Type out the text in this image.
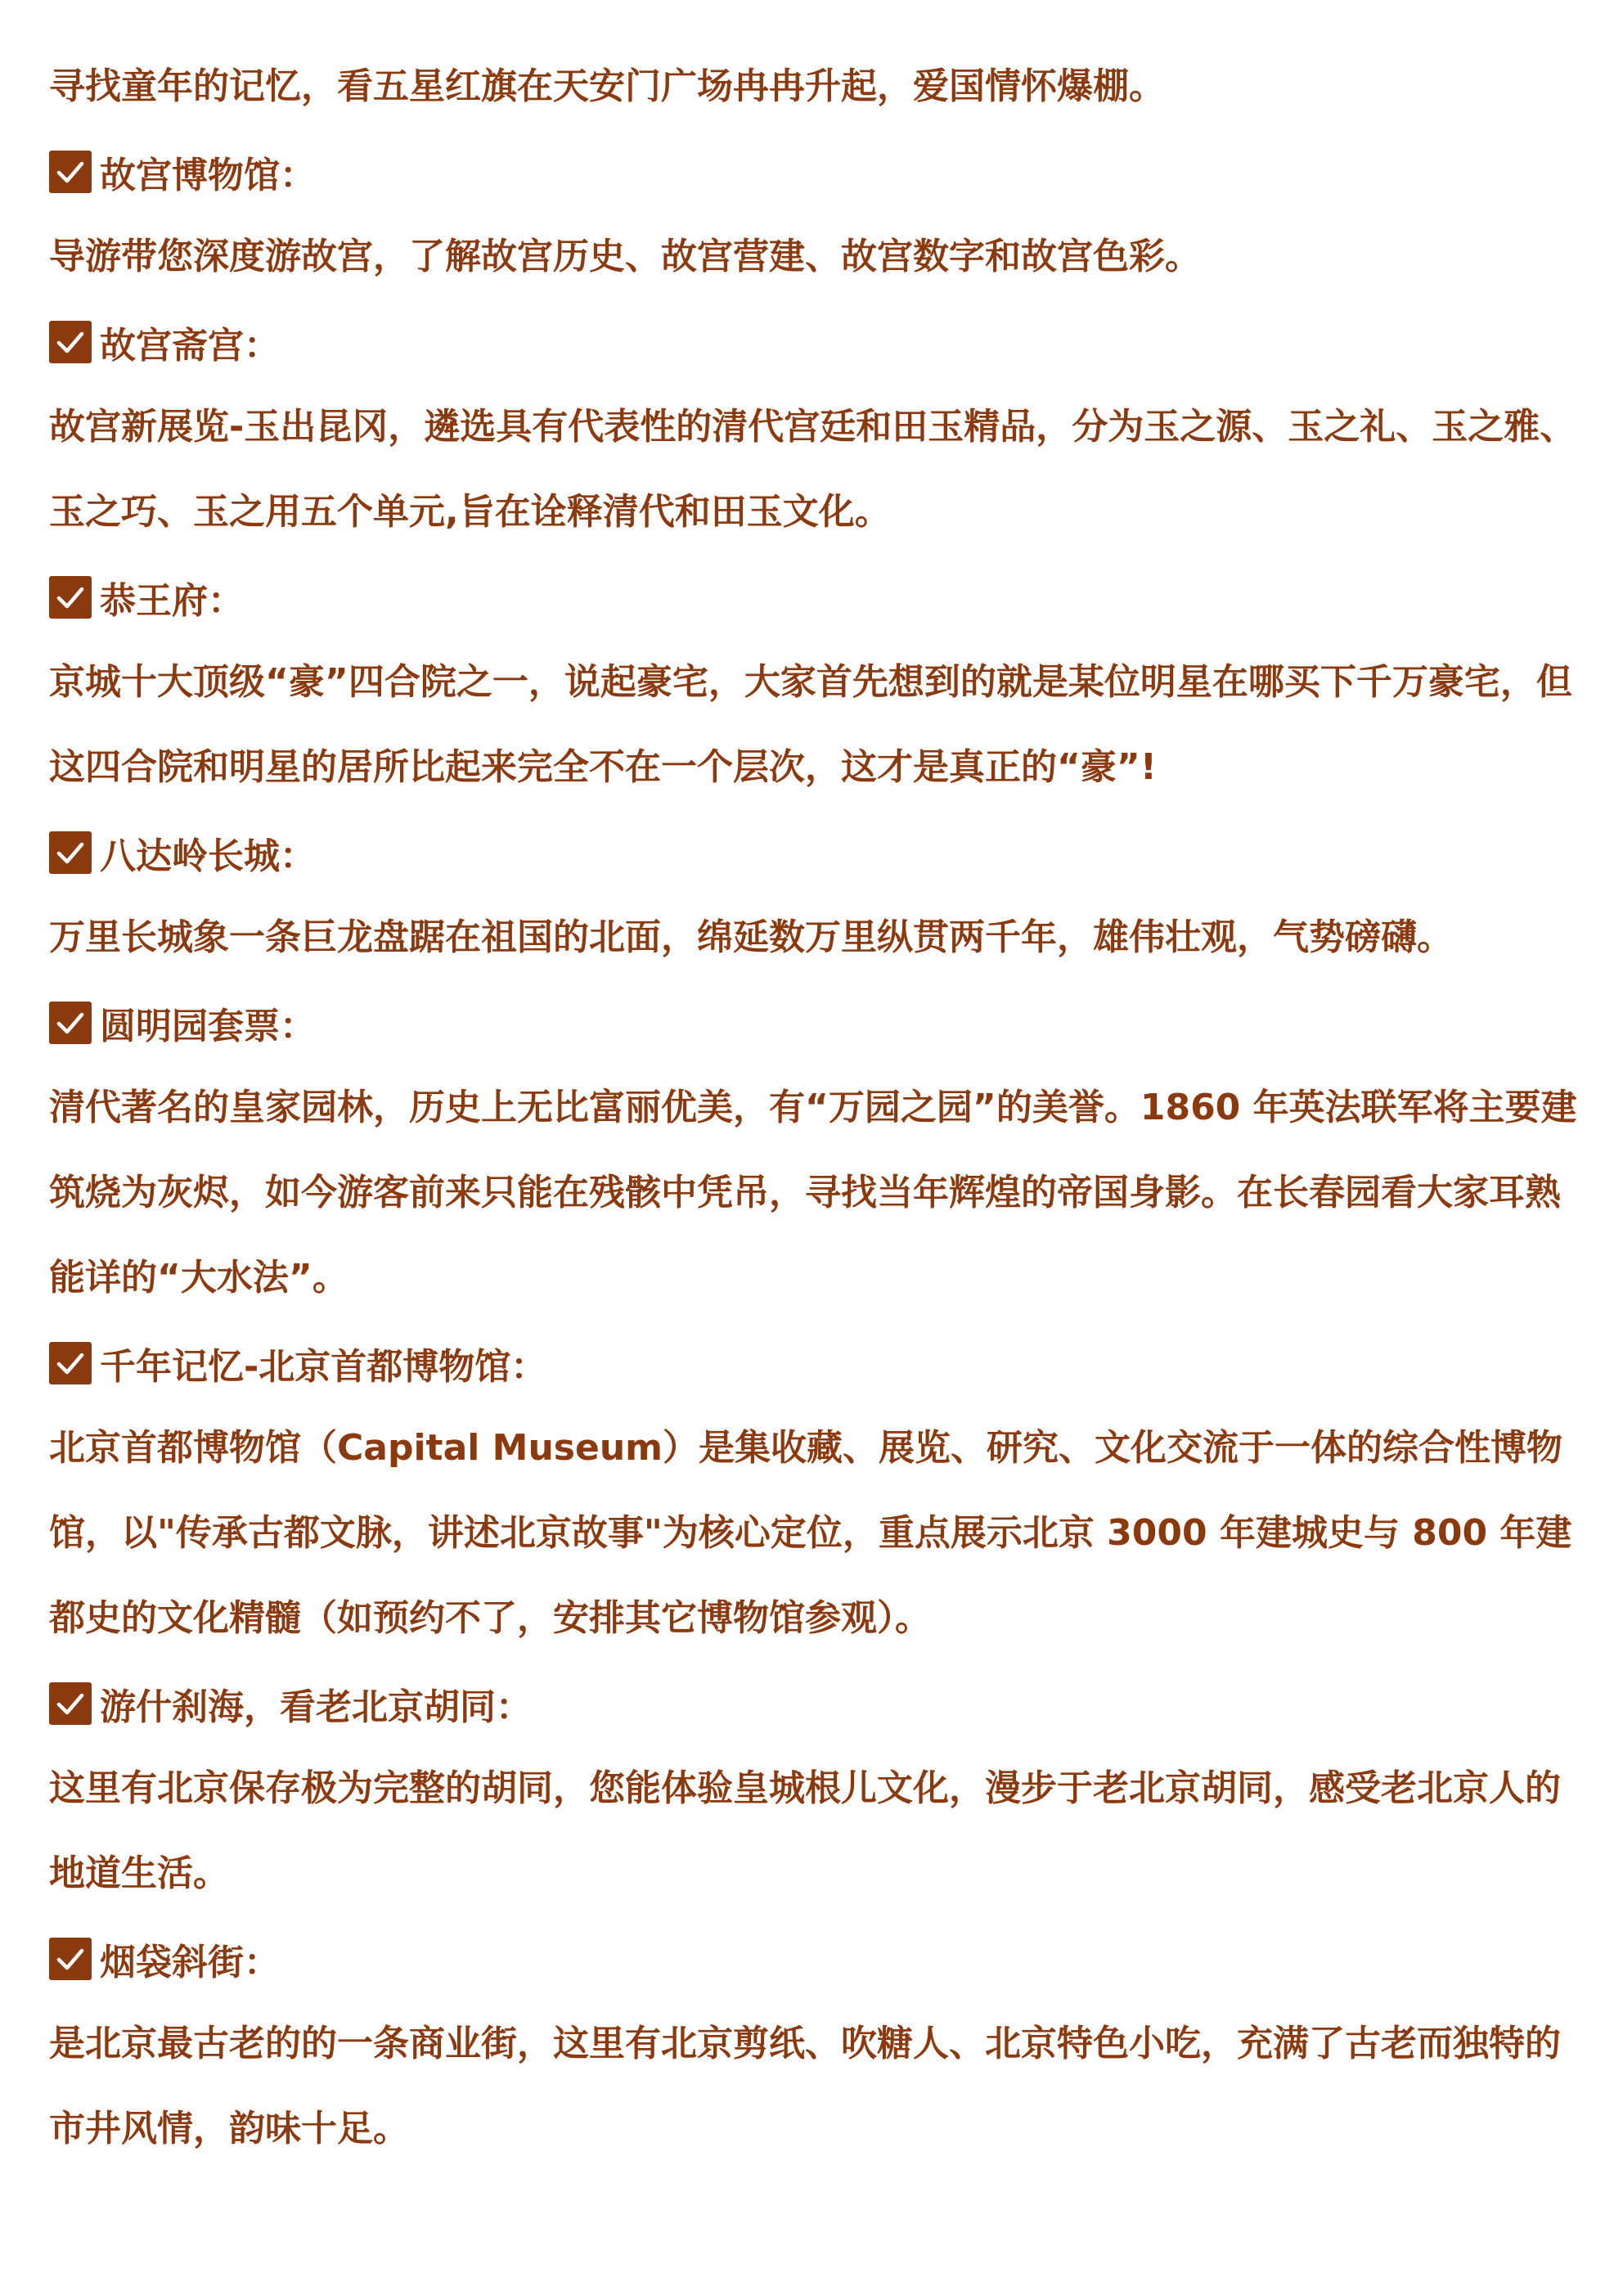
寻找童年的记忆，看五星红旗在天安门广场冉冉升起，爱国情怀爆棚。

故宫博物馆：

导游带您深度游故宫，了解故宫历史、故宫营建、故宫数字和故宫色彩。

故宫斋宫：

故宫新展览-玉出昆冈，遴选具有代表性的清代宫廷和田玉精品，分为玉之源、玉之礼、玉之雅、玉之巧、玉之用五个单元,旨在诠释清代和田玉文化。

恭王府：

京城十大顶级“豪”四合院之一，说起豪宅，大家首先想到的就是某位明星在哪买下千万豪宅，但这四合院和明星的居所比起来完全不在一个层次，这才是真正的“豪”!

八达岭长城：

万里长城象一条巨龙盘踞在祖国的北面，绵延数万里纵贯两千年，雄伟壮观，气势磅礴。

圆明园套票：

清代著名的皇家园林，历史上无比富丽优美，有“万园之园”的美誉。1860 年英法联军将主要建筑烧为灰烬，如今游客前来只能在残骸中凭吊，寻找当年辉煌的帝国身影。在长春园看大家耳熟能详的“大水法”。

千年记忆-北京首都博物馆：

北京首都博物馆（Capital Museum）是集收藏、展览、研究、文化交流于一体的综合性博物馆，以"传承古都文脉，讲述北京故事"为核心定位，重点展示北京 3000 年建城史与 800 年建都史的文化精髓（如预约不了，安排其它博物馆参观）。

游什刹海，看老北京胡同：

这里有北京保存极为完整的胡同，您能体验皇城根儿文化，漫步于老北京胡同，感受老北京人的地道生活。

烟袋斜街：

是北京最古老的的一条商业街，这里有北京剪纸、吹糖人、北京特色小吃，充满了古老而独特的市井风情，韵味十足。
